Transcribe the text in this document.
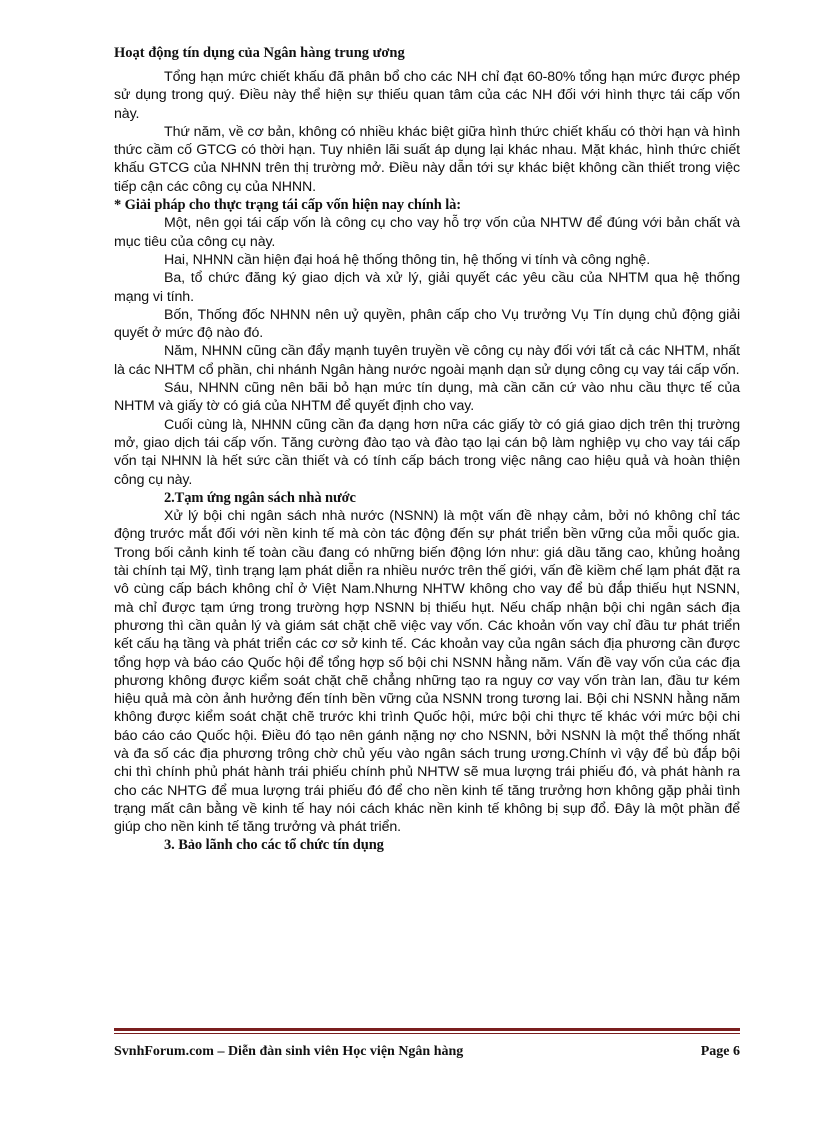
Hoạt động tín dụng của Ngân hàng trung ương

Tổng hạn mức chiết khấu đã phân bổ cho các NH chỉ đạt 60-80% tổng hạn mức được phép sử dụng trong quý. Điều này thể hiện sự thiếu quan tâm của các NH đối với hình thực tái cấp vốn này.

Thứ năm, về cơ bản, không có nhiều khác biệt giữa hình thức chiết khấu có thời hạn và hình thức cầm cố GTCG có thời hạn. Tuy nhiên lãi suất áp dụng lại khác nhau. Mặt khác, hình thức chiết khấu GTCG của NHNN trên thị trường mở. Điều này dẫn tới sự khác biệt không cần thiết trong việc tiếp cận các công cụ của NHNN.

* Giải pháp cho thực trạng tái cấp vốn hiện nay chính là:

Một, nên gọi tái cấp vốn là công cụ cho vay hỗ trợ vốn của NHTW để đúng với bản chất và mục tiêu của công cụ này.

Hai, NHNN cần hiện đại hoá hệ thống thông tin, hệ thống vi tính và công nghệ.

Ba, tổ chức đăng ký giao dịch và xử lý, giải quyết các yêu cầu của NHTM qua hệ thống mạng vi tính.

Bốn, Thống đốc NHNN nên uỷ quyền, phân cấp cho Vụ trưởng Vụ Tín dụng chủ động giải quyết ở mức độ nào đó.

Năm, NHNN cũng cần đẩy mạnh tuyên truyền về công cụ này đối với tất cả các NHTM, nhất là các NHTM cổ phần, chi nhánh Ngân hàng nước ngoài mạnh dạn sử dụng công cụ vay tái cấp vốn.

Sáu, NHNN cũng nên bãi bỏ hạn mức tín dụng, mà cần căn cứ vào nhu cầu thực tế của NHTM và giấy tờ có giá của NHTM để quyết định cho vay.

Cuối cùng là, NHNN cũng cần đa dạng hơn nữa các giấy tờ có giá giao dịch trên thị trường mở, giao dịch tái cấp vốn. Tăng cường đào tạo và đào tạo lại cán bộ làm nghiệp vụ cho vay tái cấp vốn tại NHNN là hết sức cần thiết và có tính cấp bách trong việc nâng cao hiệu quả và hoàn thiện công cụ này.

2.Tạm ứng ngân sách nhà nước

Xử lý bội chi ngân sách nhà nước (NSNN) là một vấn đề nhạy cảm, bởi nó không chỉ tác động trước mắt đối với nền kinh tế mà còn tác động đến sự phát triển bền vững của mỗi quốc gia. Trong bối cảnh kinh tế toàn cầu đang có những biến động lớn như: giá dầu tăng cao, khủng hoảng tài chính tại Mỹ, tình trạng lạm phát diễn ra nhiều nước trên thế giới, vấn đề kiềm chế lạm phát đặt ra vô cùng cấp bách không chỉ ở Việt Nam.Nhưng NHTW không cho vay để bù đắp thiếu hụt NSNN, mà chỉ được tạm ứng trong trường hợp NSNN bị thiếu hụt. Nếu chấp nhận bội chi ngân sách địa phương thì cần quản lý và giám sát chặt chẽ việc vay vốn. Các khoản vốn vay chỉ đầu tư phát triển kết cấu hạ tầng và phát triển các cơ sở kinh tế. Các khoản vay của ngân sách địa phương cần được tổng hợp và báo cáo Quốc hội để tổng hợp số bội chi NSNN hằng năm. Vấn đề vay vốn của các địa phương không được kiểm soát chặt chẽ chẳng những tạo ra nguy cơ vay vốn tràn lan, đầu tư kém hiệu quả mà còn ảnh hưởng đến tính bền vững của NSNN trong tương lai. Bội chi NSNN hằng năm không được kiểm soát chặt chẽ trước khi trình Quốc hội, mức bội chi thực tế khác với mức bội chi báo cáo cáo Quốc hội. Điều đó tạo nên gánh nặng nợ cho NSNN, bởi NSNN là một thể thống nhất và đa số các địa phương trông chờ chủ yếu vào ngân sách trung ương.Chính vì vậy để bù đắp bội chi thì chính phủ phát hành trái phiếu chính phủ NHTW sẽ mua lượng trái phiếu đó, và phát hành ra cho các NHTG để mua lượng trái phiếu đó để cho nền kinh tế tăng trưởng hơn không gặp phải tình trạng mất cân bằng về kinh tế hay nói cách khác nền kinh tế không bị sụp đổ. Đây là một phần để giúp cho nền kinh tế tăng trưởng và phát triển.

3. Bảo lãnh cho các tổ chức tín dụng

SvnhForum.com – Diễn đàn sinh viên Học viện Ngân hàng	Page 6
